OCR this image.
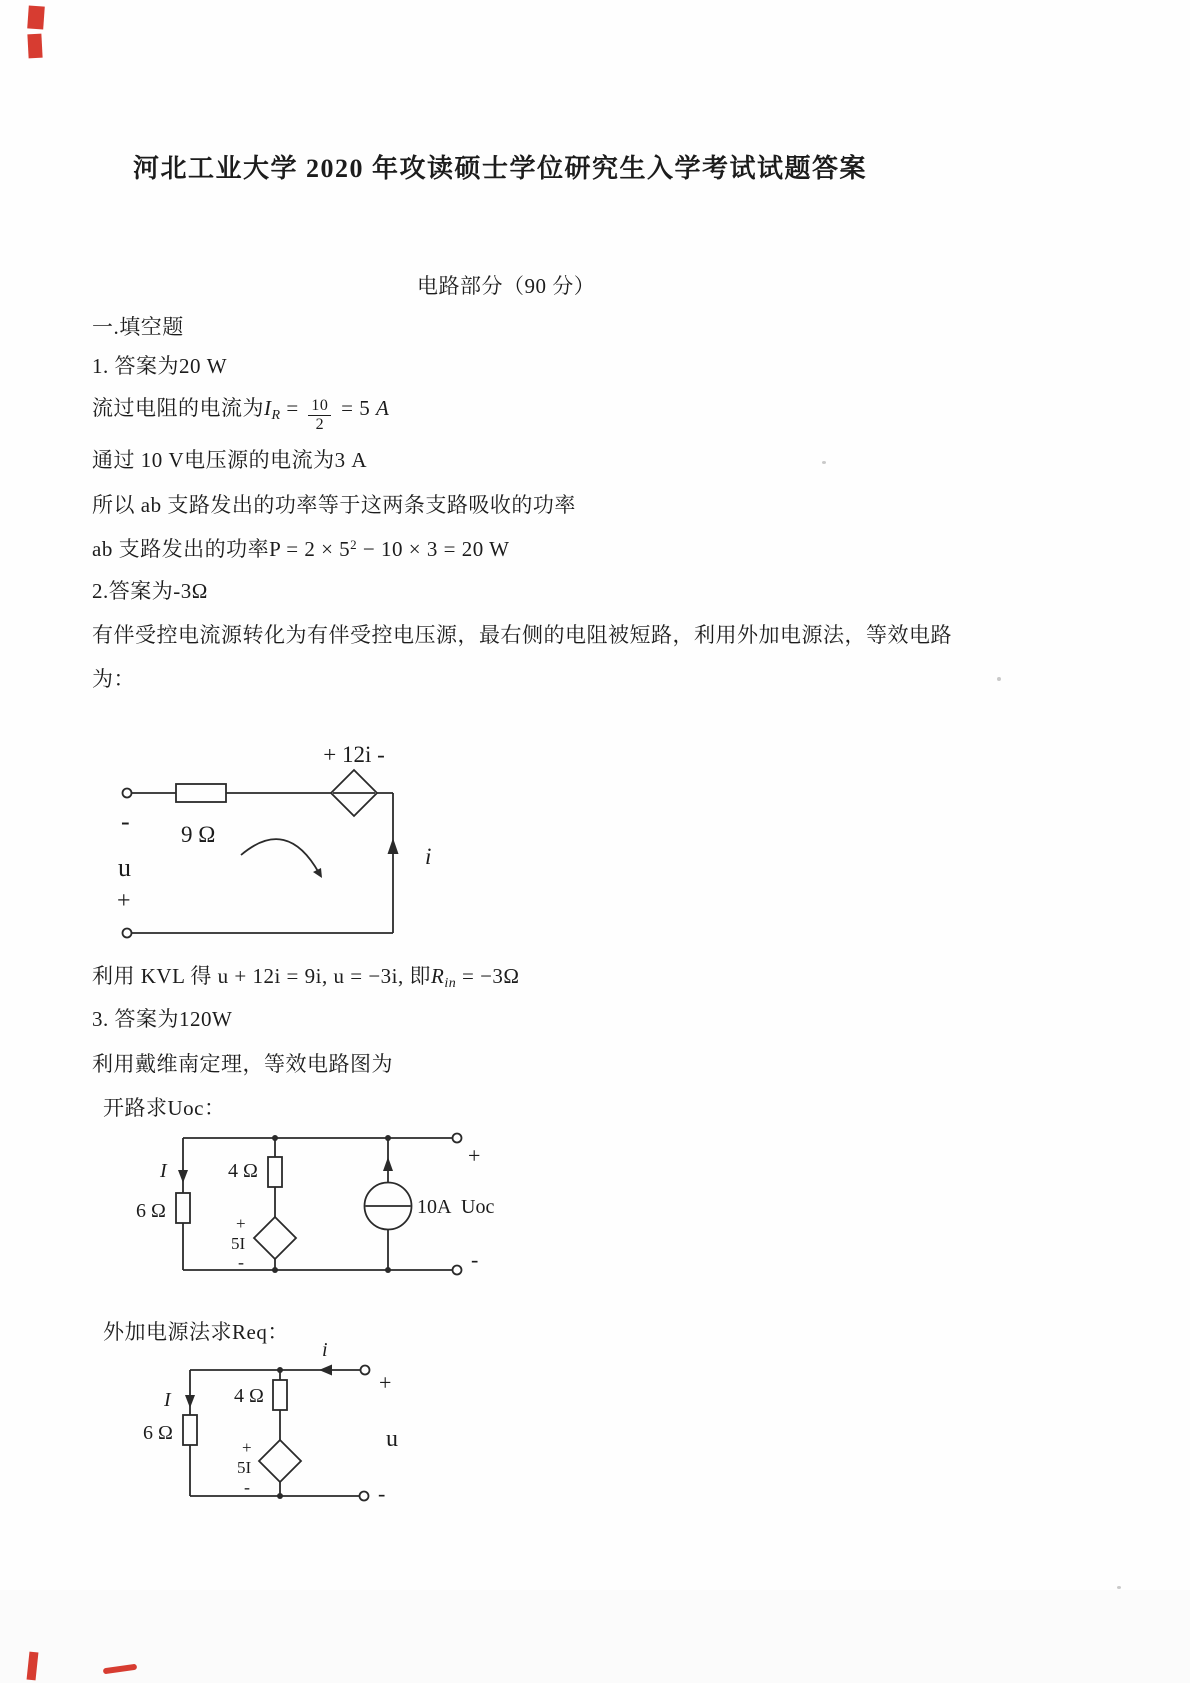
河北工业大学 2020 年攻读硕士学位研究生入学考试试题答案
电路部分（90 分）
一.填空题
1. 答案为20 W
流过电阻的电流为$I_R = \frac{10}{2} = 5$ A
通过 10 V电压源的电流为3 A
所以 ab 支路发出的功率等于这两条支路吸收的功率
ab 支路发出的功率$P = 2 \times 5^2 - 10 \times 3 = 20$ W
2.答案为-3Ω
有伴受控电流源转化为有伴受控电压源，最右侧的电阻被短路，利用外加电源法，等效电路
为：
+ 12i -
9 Ω
-
u
+
i
利用 KVL 得 u + 12i = 9i, u = −3i, 即$R_{in} = -3\Omega$
3. 答案为120W
利用戴维南定理，等效电路图为
开路求Uoc：
I
6 Ω
4 Ω
+
5I
-
10A Uoc
+
-
外加电源法求Req：
i
I
6 Ω
4 Ω
+
5I
-
+
u
-
